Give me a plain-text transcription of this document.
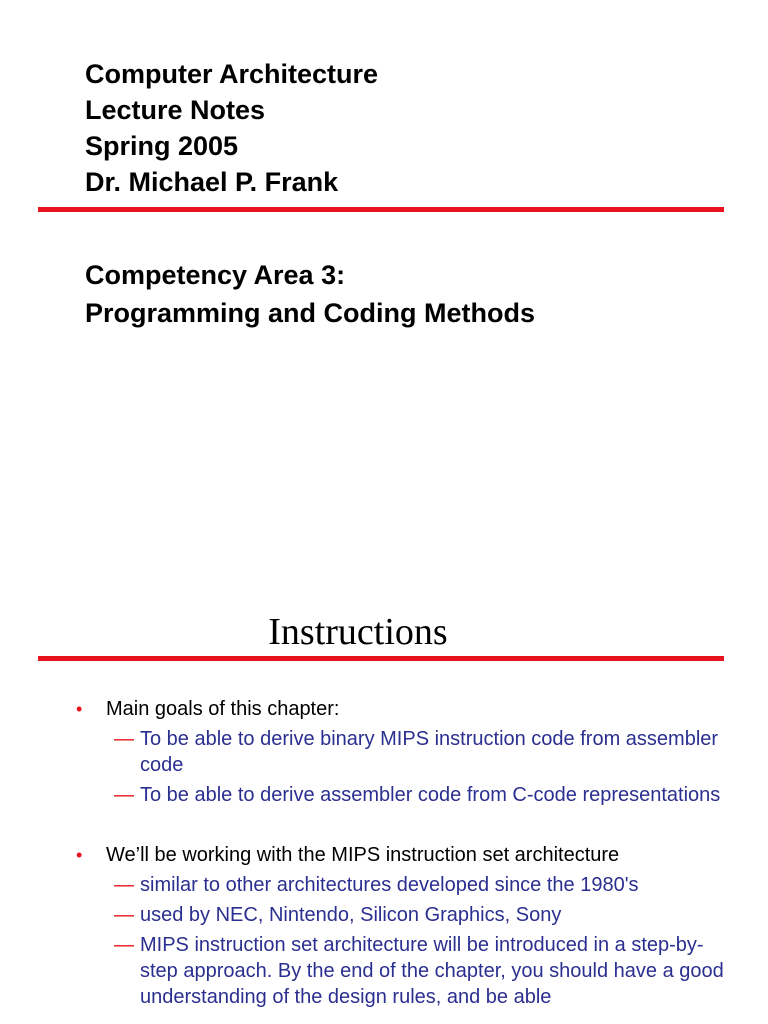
Computer Architecture
Lecture Notes
Spring 2005
Dr. Michael P. Frank
Competency Area 3:
Programming and Coding Methods
Instructions
• Main goals of this chapter:
— To be able to derive binary MIPS instruction code from assembler code
— To be able to derive assembler code from C-code representations
• We’ll be working with the MIPS instruction set architecture
— similar to other architectures developed since the 1980's
— used by NEC, Nintendo, Silicon Graphics, Sony
— MIPS instruction set architecture will be introduced in a step-by-step approach. By the end of the chapter, you should have a good understanding of the design rules, and be able
